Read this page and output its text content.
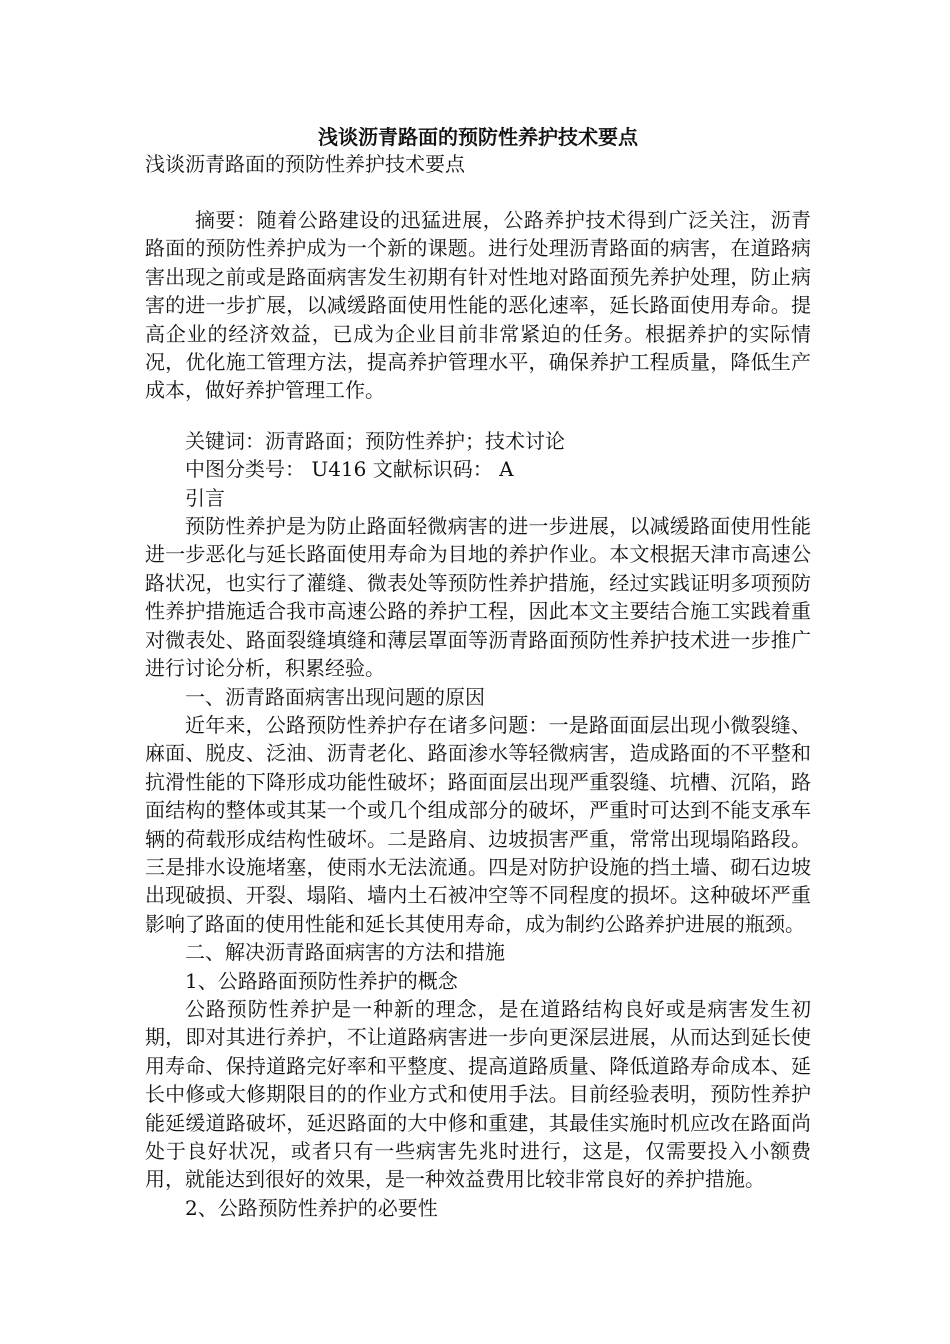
浅谈沥青路面的预防性养护技术要点

浅谈沥青路面的预防性养护技术要点

摘要：随着公路建设的迅猛进展，公路养护技术得到广泛关注，沥青路面的预防性养护成为一个新的课题。进行处理沥青路面的病害，在道路病害出现之前或是路面病害发生初期有针对性地对路面预先养护处理，防止病害的进一步扩展，以减缓路面使用性能的恶化速率，延长路面使用寿命。提高企业的经济效益，已成为企业目前非常紧迫的任务。根据养护的实际情况，优化施工管理方法，提高养护管理水平，确保养护工程质量，降低生产成本，做好养护管理工作。

关键词：沥青路面；预防性养护；技术讨论

中图分类号： U416 文献标识码： A

引言

预防性养护是为防止路面轻微病害的进一步进展，以减缓路面使用性能进一步恶化与延长路面使用寿命为目地的养护作业。本文根据天津市高速公路状况，也实行了灌缝、微表处等预防性养护措施，经过实践证明多项预防性养护措施适合我市高速公路的养护工程，因此本文主要结合施工实践着重对微表处、路面裂缝填缝和薄层罩面等沥青路面预防性养护技术进一步推广进行讨论分析，积累经验。

一、沥青路面病害出现问题的原因

近年来，公路预防性养护存在诸多问题：一是路面面层出现小微裂缝、麻面、脱皮、泛油、沥青老化、路面渗水等轻微病害，造成路面的不平整和抗滑性能的下降形成功能性破坏；路面面层出现严重裂缝、坑槽、沉陷，路面结构的整体或其某一个或几个组成部分的破坏，严重时可达到不能支承车辆的荷载形成结构性破坏。二是路肩、边坡损害严重，常常出现塌陷路段。三是排水设施堵塞，使雨水无法流通。四是对防护设施的挡土墙、砌石边坡出现破损、开裂、塌陷、墙内土石被冲空等不同程度的损坏。这种破坏严重影响了路面的使用性能和延长其使用寿命，成为制约公路养护进展的瓶颈。

二、解决沥青路面病害的方法和措施

1、公路路面预防性养护的概念

公路预防性养护是一种新的理念，是在道路结构良好或是病害发生初期，即对其进行养护，不让道路病害进一步向更深层进展，从而达到延长使用寿命、保持道路完好率和平整度、提高道路质量、降低道路寿命成本、延长中修或大修期限目的的作业方式和使用手法。目前经验表明，预防性养护能延缓道路破坏，延迟路面的大中修和重建，其最佳实施时机应改在路面尚处于良好状况，或者只有一些病害先兆时进行，这是，仅需要投入小额费用，就能达到很好的效果，是一种效益费用比较非常良好的养护措施。

2、公路预防性养护的必要性
